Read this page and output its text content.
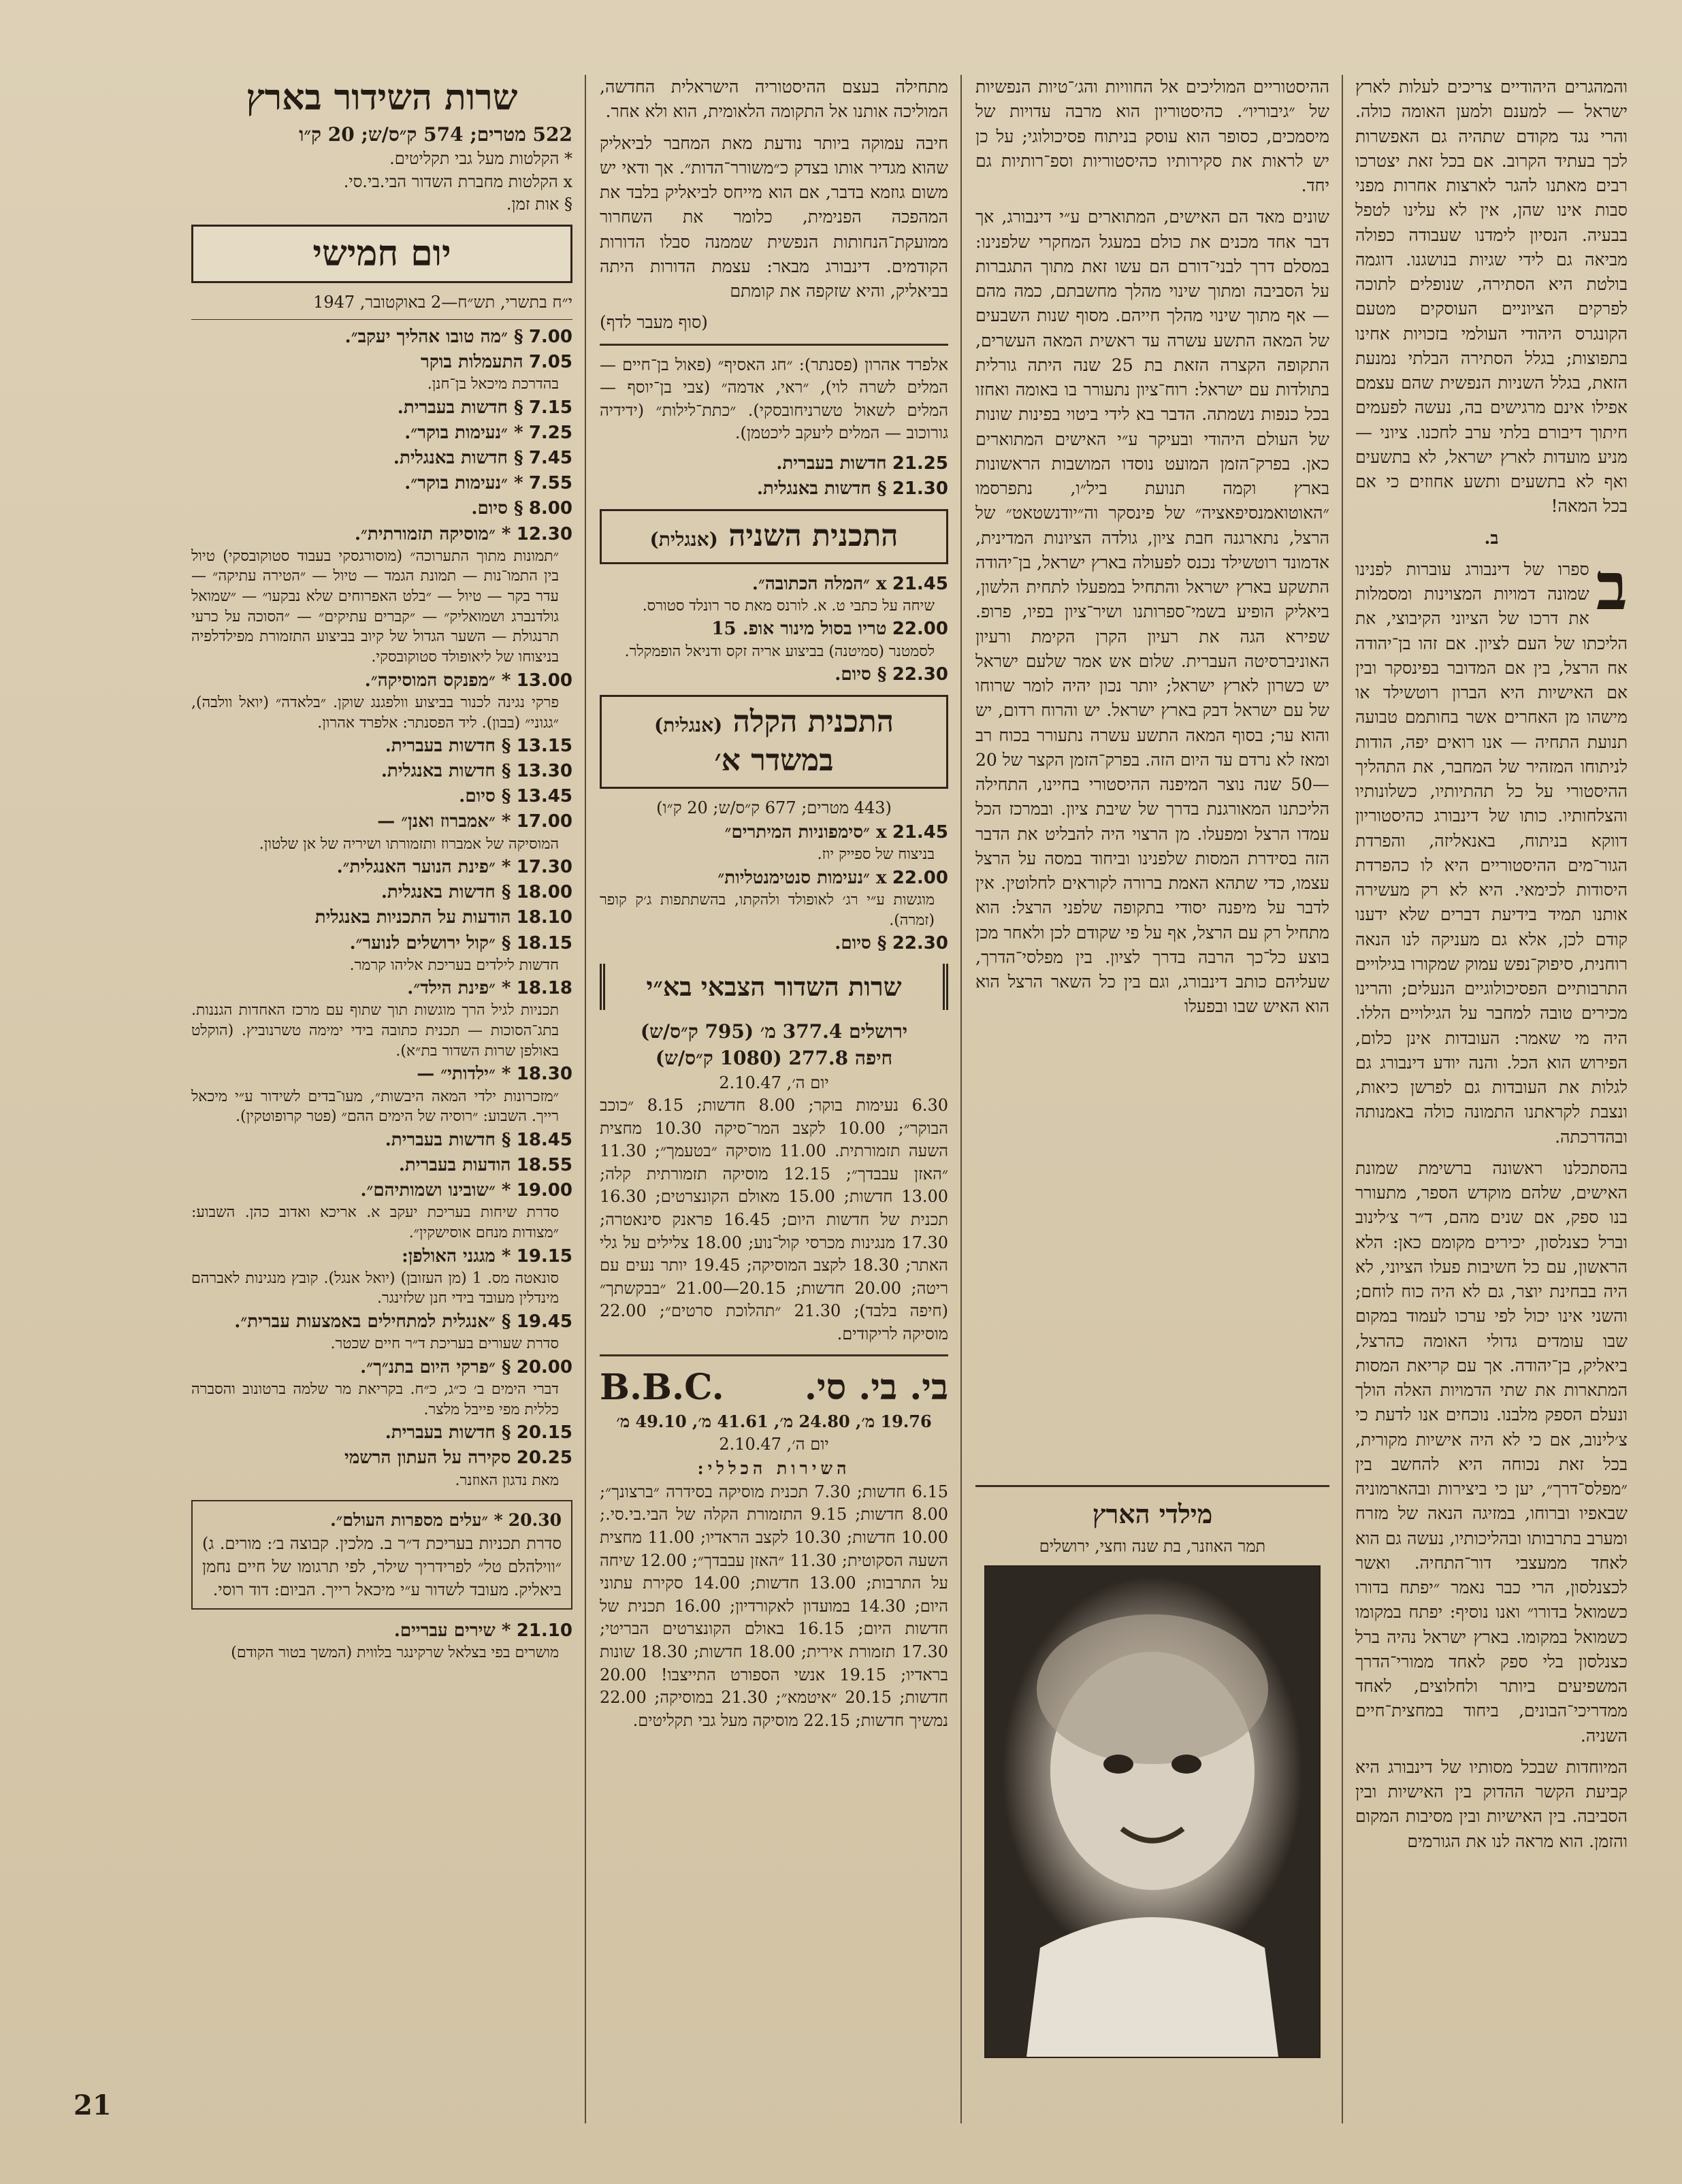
והמהגרים היהודיים צריכים לעלות לארץ ישראל — למענם ולמען האומה כולה. והרי נגד מקודם שתהיה גם האפשרות לכך בעתיד הקרוב. אם בכל זאת יצטרכו רבים מאתנו להגר לארצות אחרות מפני סבות אינו שהן, אין לא עלינו לטפל בבעיה. הנסיון לימדנו שעבודה כפולה מביאה גם לידי שגיות בנושגנו. דוגמה בולטת היא הסתירה, שנופלים לתוכה לפרקים הציוניים העוסקים מטעם הקונגרס היהודי העולמי בזכויות אחינו בתפוצות; בגלל הסתירה הבלתי נמנעת הזאת, בגלל השניות הנפשית שהם עצמם אפילו אינם מרגישים בה, נעשה לפעמים חיתוך דיבורם בלתי ערב לחכנו. ציוני — מניע מועדות לארץ ישראל, לא בתשעים ואף לא בתשעים ותשע אחוזים כי אם בכל המאה!

ב.

ב
ספרו של דינבורג עוברות לפנינו שמונה דמויות המצוינות ומסמלות את דרכו של הציוני הקיבוצי, את הליכתו של העם לציון. אם זהו בן־יהודה אח הרצל, בין אם המדובר בפינסקר ובין אם האישיות היא הברון רוטשילד או מישהו מן האחרים אשר בחותמם טבועה תנועת התחיה — אנו רואים יפה, הודות לניתוחו המזהיר של המחבר, את התהליך ההיסטורי על כל תהתיותיו, כשלונותיו והצלחותיו. כותו של דינבורג כהיסטוריון דווקא בניתוח, באנאליזה, והפרדת הגור־מים ההיסטוריים היא לו כהפרדת היסודות לכימאי. היא לא רק מעשירה אותנו תמיד בידיעת דברים שלא ידענו קודם לכן, אלא גם מעניקה לנו הנאה רוחנית, סיפוק־נפש עמוק שמקורו בגילויים התרבותיים הפסיכולוגיים הנעלים; והרינו מכירים טובה למחבר על הגילויים הללו. היה מי שאמר: העובדות אינן כלום, הפירוש הוא הכל. והנה יודע דינבורג גם לגלות את העובדות גם לפרשן כיאות, ונצבת לקראתנו התמונה כולה באמנותה ובהדרכתה.

בהסתכלנו ראשונה ברשימת שמונת האישים, שלהם מוקדש הספר, מתעורר בנו ספק, אם שנים מהם, ד״ר צ׳לינוב וברל כצנלסון, יכירים מקומם כאן: הלא הראשון, עם כל חשיבות פעלו הציוני, לא היה בבחינת יוצר, גם לא היה כוח לוחם; והשני אינו יכול לפי ערכו לעמוד במקום שבו עומדים גדולי האומה כהרצל, ביאליק, בן־יהודה. אך עם קריאת המסות המתארות את שתי הדמויות האלה הולך ונעלם הספק מלבנו. נוכחים אנו לדעת כי צ׳לינוב, אם כי לא היה אישיות מקורית, בכל זאת נכוחה היא להחשב בין ״מפלס־דרך״, יען כי ביצירות ובהארמוניה שבאפיו וברוחו, במזיגה הנאה של מזרח ומערב בתרבותו ובהליכותיו, נעשה גם הוא לאחד ממעצבי דור־התחיה. ואשר לכצנלסון, הרי כבר נאמר ״יפתח בדורו כשמואל בדורו״ ואנו נוסיף: יפתח במקומו כשמואל במקומו. בארץ ישראל נהיה ברל כצנלסון בלי ספק לאחד ממורי־הדרך המשפיעים ביותר ולחלוצים, לאחד ממדריכי־הבונים, ביחוד במחצית־חיים השניה.

המיוחדות שבכל מסותיו של דינבורג היא קביעת הקשר ההדוק בין האישיות ובין הסביבה. בין האישיות ובין מסיבות המקום והזמן. הוא מראה לנו את הגורמים

ההיסטוריים המוליכים אל החוויות והג׳־טיות הנפשיות של ״גיבוריו״. כהיסטוריון הוא מרבה עדויות של מיסמכים, כסופר הוא עוסק בניתוח פסיכולוגי; על כן יש לראות את סקירותיו כהיסטוריות וספ־רותיות גם יחד.

שונים מאד הם האישים, המתוארים ע״י דינבורג, אך דבר אחד מכנים את כולם במעגל המחקרי שלפנינו: במסלם דרך לבני־דורם הם עשו זאת מתוך התגברות על הסביבה ומתוך שינוי מהלך מחשבתם, כמה מהם — אף מתוך שינוי מהלך חייהם. מסוף שנות השבעים של המאה התשע עשרה עד ראשית המאה העשרים, התקופה הקצרה הזאת בת 25 שנה היתה גורלית בתולדות עם ישראל: רוח־ציון נתעורר בו באומה ואחזו בכל כנפות נשמתה. הדבר בא לידי ביטוי בפינות שונות של העולם היהודי ובעיקר ע״י האישים המתוארים כאן. בפרק־הזמן המועט נוסדו המושבות הראשונות בארץ וקמה תנועת ביל״ו, נתפרסמו ״האוטואמנסיפאציה״ של פינסקר וה״יודנשטאט״ של הרצל, נתארגנה חבת ציון, גולדה הציונות המדינית, אדמונד רוטשילד נכנס לפעולה בארץ ישראל, בן־יהודה התשקע בארץ ישראל והתחיל במפעלו לתחית הלשון, ביאליק הופיע בשמי־ספרותנו ושיר־ציון בפיו, פרופ. שפירא הגה את רעיון הקרן הקימת ורעיון האוניברסיטה העברית. שלום אש אמר שלעם ישראל יש כשרון לארץ ישראל; יותר נכון יהיה לומר שרוחו של עם ישראל דבק בארץ ישראל. יש והרוח רדום, יש והוא ער; בסוף המאה התשע עשרה נתעורר בכוח רב ומאז לא נרדם עד היום הזה. בפרק־הזמן הקצר של 20—50 שנה נוצר המיפנה ההיסטורי בחיינו, התחילה הליכתנו המאורגנת בדרך של שיבת ציון. ובמרכז הכל עמדו הרצל ומפעלו. מן הרצוי היה להבליט את הדבר הזה בסידרת המסות שלפנינו וביחוד במסה על הרצל עצמו, כדי שתהא האמת ברורה לקוראים לחלוטין. אין לדבר על מיפנה יסודי בתקופה שלפני הרצל: הוא מתחיל רק עם הרצל, אף על פי שקודם לכן ולאחר מכן בוצע כל־כך הרבה בדרך לציון. בין מפלסי־הדרך, שעליהם כותב דינבורג, וגם בין כל השאר הרצל הוא הוא האיש שבו ובפעלו

מילדי הארץ
תמר האוזנר, בת שנה וחצי, ירושלים

מתחילה בעצם ההיסטוריה הישראלית החדשה, המוליכה אותנו אל התקומה הלאומית, הוא ולא אחר.

חיבה עמוקה ביותר נודעת מאת המחבר לביאליק שהוא מגדיר אותו בצדק כ״משורר־הדות״. אך ודאי יש משום גוזמא בדבר, אם הוא מייחס לביאליק בלבד את המהפכה הפנימית, כלומר את השחרור ממועקת־הנחותות הנפשית שממנה סבלו הדורות הקודמים. דינבורג מבאר: עצמת הדורות היתה בביאליק, והיא שזקפה את קומתם

(סוף מעבר לדף)

אלפרד אהרון (פסנתר): ״חג האסיף״ (פאול בן־חיים — המלים לשרה לוי), ״ראי, אדמה״ (צבי בן־יוסף — המלים לשאול טשרניחובסקי). ״כתת־לילות״ (ידידיה גורוכוב — המלים ליעקב ליכטמן).

21.25 חדשות בעברית.
21.30 § חדשות באנגלית.
התכנית השניה (אנגלית)
21.45 x ״המלה הכתובה״.
שיחה על כתבי ט. א. לורנס מאת סר רונלד סטורס.
22.00 טריו בסול מינור אופ. 15
לסמטנר (סמיטנה) בביצוע אריה זקס ודניאל הופמקלר.
22.30 § סיום.
התכנית הקלה (אנגלית)
במשדר א׳
(443 מטרים; 677 ק״ס/ש; 20 ק״ו)
21.45 x ״סימפוניות המיתרים״
בניצוח של ספייק יוז.
22.00 x ״נעימות סנטימנטליות״
מוגשות ע״י רג׳ לאופולד ולהקתו, בהשתתפות ג׳ק קופר (זמרה).
22.30 § סיום.
שרות השדור הצבאי בא״י
ירושלים 377.4 מ׳ (795 ק״ס/ש)
חיפה 277.8 (1080 ק״ס/ש)
יום ה׳, 2.10.47

6.30 נעימות בוקר; 8.00 חדשות; 8.15 ״כוכב הבוקר״; 10.00 לקצב המר־סיקה 10.30 מחצית השעה תזמורתית. 11.00 מוסיקה ״בטעמך״; 11.30 ״האזן עבבדך״; 12.15 מוסיקה תזמורתית קלה; 13.00 חדשות; 15.00 מאולם הקונצרטים; 16.30 תכנית של חדשות היום; 16.45 פראנק סינאטרה; 17.30 מנגינות מכרסי קול־נוע; 18.00 צלילים על גלי האתר; 18.30 לקצב המוסיקה; 19.45 יותר נעים עם ריטה; 20.00 חדשות; 20.15—21.00 ״בבקשתך״ (חיפה בלבד); 21.30 ״תהלוכת סרטים״; 22.00 מוסיקה לריקודים.

בי. בי. סי.
B.B.C.
19.76 מ׳, 24.80 מ׳, 41.61 מ׳, 49.10 מ׳
יום ה׳, 2.10.47
השירות הכללי:

6.15 חדשות; 7.30 תכנית מוסיקה בסידרה ״ברצונך״; 8.00 חדשות; 9.15 התזמורת הקלה של הבי.בי.סי.; 10.00 חדשות; 10.30 לקצב הראדיו; 11.00 מחצית השעה הסקוטית; 11.30 ״האזן עבבדך״; 12.00 שיחה על התרבות; 13.00 חדשות; 14.00 סקירת עתוני היום; 14.30 במועדון לאקורדיון; 16.00 תכנית של חדשות היום; 16.15 באולם הקונצרטים הבריטי; 17.30 תזמורת אירית; 18.00 חדשות; 18.30 שונות בראדיו; 19.15 אנשי הספורט התייצבו! 20.00 חדשות; 20.15 ״איטמא״; 21.30 במוסיקה; 22.00 נמשיך חדשות; 22.15 מוסיקה מעל גבי תקליטים.

שרות השידור בארץ
522 מטרים; 574 ק״ס/ש; 20 ק״ו
* הקלטות מעל גבי תקליטים.
x הקלטות מחברת השדור הבי.בי.סי.
§ אות זמן.
יום חמישי
י״ח בתשרי, תש״ח—2 באוקטובר, 1947
7.00 § ״מה טובו אהליך יעקב״.
7.05 התעמלות בוקר
בהדרכת מיכאל בן־חנן.
7.15 § חדשות בעברית.
7.25 * ״נעימות בוקר״.
7.45 § חדשות באנגלית.
7.55 * ״נעימות בוקר״.
8.00 § סיום.
12.30 * ״מוסיקה תזמורתית״.
״תמונות מתוך התערוכה״ (מוסורגסקי בעבוד סטוקובסקי) טיול בין התמו־נות — תמונת הגמד — טיול — ״הטירה עתיקה״ — עדר בקר — טיול — ״בלט האפרוחים שלא נבקעו״ — ״שמואל גולדנברג ושמואליק״ — ״קברים עתיקים״ — ״הסוכה על כרעי תרנגולת — השער הגדול של קיוב בביצוע התזמורת מפילדלפיה בניצוחו של ליאופולד סטוקובסקי.
13.00 * ״מפנקס המוסיקה״.
פרקי נגינה לכנור בביצוע וולפגנג שוקן. ״בלאדה״ (יואל וולבה), ״גגוני״ (בבון). ליד הפסנתר: אלפרד אהרון.
13.15 § חדשות בעברית.
13.30 § חדשות באנגלית.
13.45 § סיום.
17.00 * ״אמברוז ואנן״ —
המוסיקה של אמברוז ותזמורתו ושיריה של אן שלטון.
17.30 * ״פינת הנוער האנגלית״.
18.00 § חדשות באנגלית.
18.10 הודעות על התכניות באנגלית
18.15 § ״קול ירושלים לנוער״.
חדשות לילדים בעריכת אליהו קרמר.
18.18 * ״פינת הילד״.
תכניות לגיל הרך מוגשות תוך שתוף עם מרכז האחדות הגננות. בתג־הסוכות — תכנית כתובה בידי ימימה טשרנוביץ. (הוקלט באולפן שרות השדור בת״א).
18.30 * ״ילדותי״ —
״מזכרונות ילדי המאה היבשות״, מעו־בדים לשידור ע״י מיכאל רייך. השבוע: ״רוסיה של הימים ההם״ (פטר קרופוטקין).
18.45 § חדשות בעברית.
18.55 הודעות בעברית.
19.00 * ״שובינו ושמותיהם״.
סדרת שיחות בעריכת יעקב א. אריכא ואדוב כהן. השבוע: ״מצודות מנחם אוסישקין״.
19.15 * מגגני האולפן:
סונאטה מס. 1 (מן העזובן) (יואל אנגל). קובץ מנגינות לאברהם מינדלין מעובד בידי חנן שלזינגר.
19.45 § ״אנגלית למתחילים באמצעות עברית״.
סדרת שעורים בעריכת ד״ר חיים שכטר.
20.00 § ״פרקי היום בתנ״ך״.
דברי הימים ב׳ כ״ג, כ״ח. בקריאת מר שלמה ברטונוב והסברה כללית מפי פייבל מלצר.
20.15 § חדשות בעברית.
20.25 סקירה על העתון הרשמי
מאת נדגון האוזנר.
20.30 * ״עלים מספרות העולם״.
סדרת תכניות בעריכת ד״ר ב. מלכין. קבוצה ב׳: מורים. ג) ״ווילהלם טל״ לפרידריך שילר, לפי תרגומו של חיים נחמן ביאליק. מעובד לשדור ע״י מיכאל רייך. הביום: דוד רוסי.
21.10 * שירים עבריים.
מושרים בפי בצלאל שרקינגר בלווית (המשך בטור הקודם)
21
